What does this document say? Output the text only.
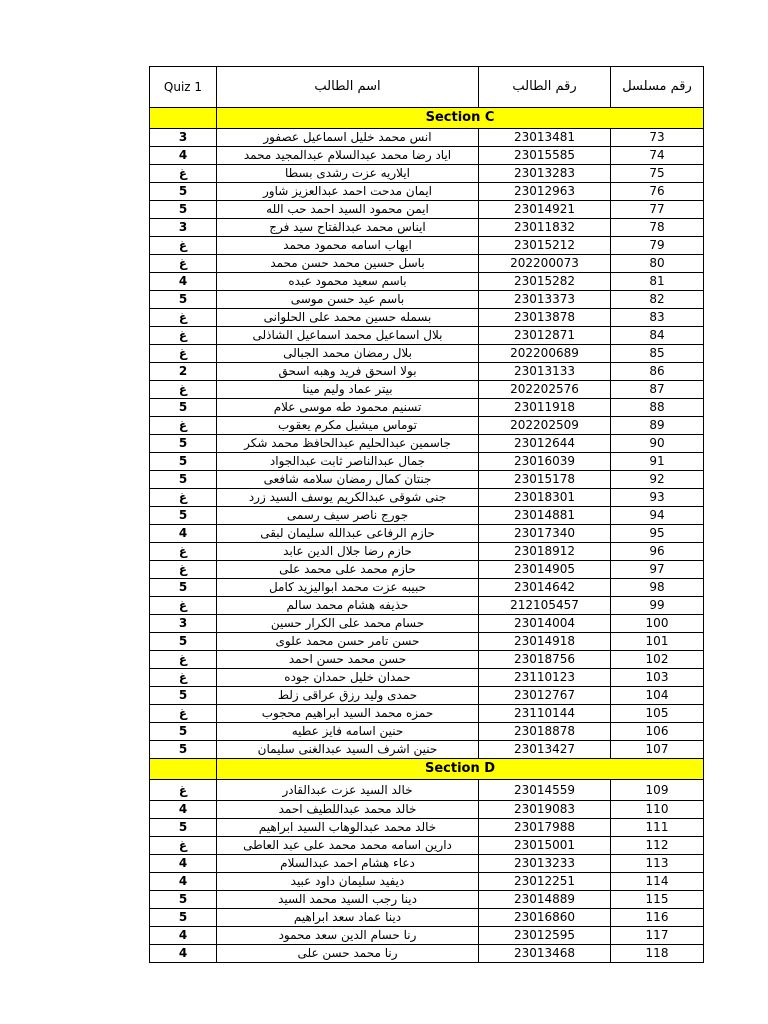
Quiz 1	اسم الطالب	رقم الطالب	رقم مسلسل
	Section C		
3	انس محمد خليل اسماعيل عصفور	23013481	73
4	اياد رضا محمد عبدالسلام عبدالمجيد محمد	23015585	74
غ	ايلاريه عزت رشدى بسطا	23013283	75
5	ايمان مدحت احمد عبدالعزيز شاور	23012963	76
5	ايمن محمود السيد احمد حب الله	23014921	77
3	ايناس محمد عبدالفتاح سيد فرج	23011832	78
غ	ايهاب اسامه محمود محمد	23015212	79
غ	باسل حسين محمد حسن محمد	202200073	80
4	باسم سعيد محمود عبده	23015282	81
5	باسم عيد حسن موسى	23013373	82
غ	بسمله حسين محمد على الحلوانى	23013878	83
غ	بلال اسماعيل محمد اسماعيل الشاذلى	23012871	84
غ	بلال رمضان محمد الجبالى	202200689	85
2	بولا اسحق فريد وهبه اسحق	23013133	86
غ	بيتر عماد وليم مينا	202202576	87
5	تسنيم محمود طه موسى علام	23011918	88
غ	توماس ميشيل مكرم يعقوب	202202509	89
5	جاسمين عبدالحليم عبدالحافظ محمد شكر	23012644	90
5	جمال عبدالناصر ثابت عبدالجواد	23016039	91
5	جنتان كمال رمضان سلامه شافعى	23015178	92
غ	جنى شوقى عبدالكريم يوسف السيد زرد	23018301	93
5	جورج ناصر سيف رسمى	23014881	94
4	حازم الرفاعى عبدالله سليمان لبقى	23017340	95
غ	حازم رضا جلال الدين عابد	23018912	96
غ	حازم محمد على محمد على	23014905	97
5	حبيبه عزت محمد ابواليزيد كامل	23014642	98
غ	حذيفه هشام محمد سالم	212105457	99
3	حسام محمد على الكرار حسين	23014004	100
5	حسن تامر حسن محمد علوى	23014918	101
غ	حسن محمد حسن احمد	23018756	102
غ	حمدان خليل حمدان جوده	23110123	103
5	حمدى وليد رزق عراقى زلط	23012767	104
غ	حمزه محمد السيد ابراهيم محجوب	23110144	105
5	حنين اسامه فايز عطيه	23018878	106
5	حنين اشرف السيد عبدالغنى سليمان	23013427	107
	Section D		
غ	خالد السيد عزت عبدالقادر	23014559	109
4	خالد محمد عبداللطيف احمد	23019083	110
5	خالد محمد عبدالوهاب السيد ابراهيم	23017988	111
غ	دارين اسامه محمد محمد على عبد العاطى	23015001	112
4	دعاء هشام احمد عبدالسلام	23013233	113
4	ديفيد سليمان داود عبيد	23012251	114
5	دينا رجب السيد محمد السيد	23014889	115
5	دينا عماد سعد ابراهيم	23016860	116
4	رنا حسام الدين سعد محمود	23012595	117
4	رنا محمد حسن على	23013468	118
